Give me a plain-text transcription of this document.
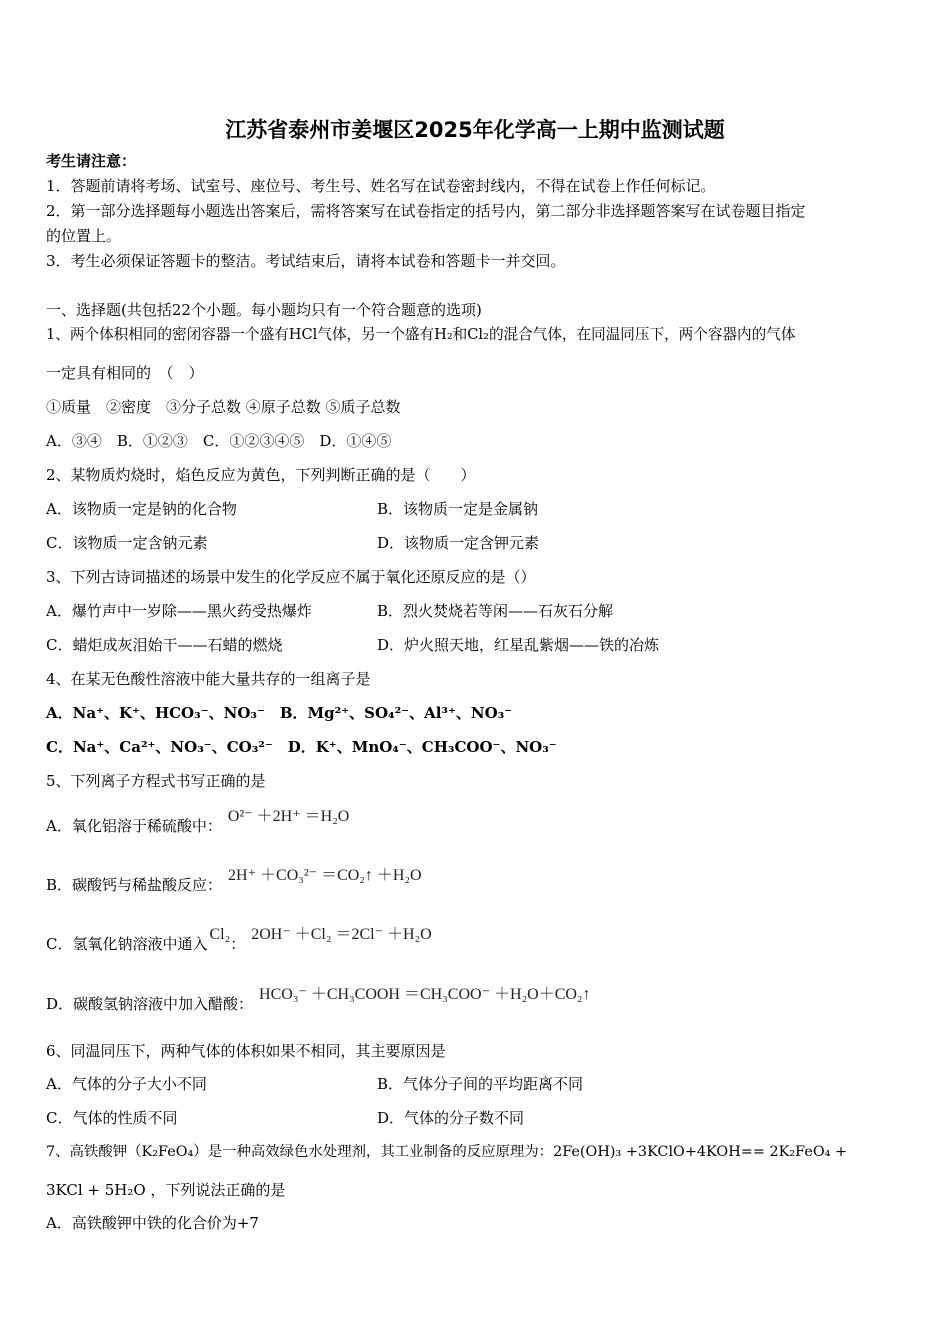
江苏省泰州市姜堰区2025年化学高一上期中监测试题
考生请注意：
1．答题前请将考场、试室号、座位号、考生号、姓名写在试卷密封线内，不得在试卷上作任何标记。
2．第一部分选择题每小题选出答案后，需将答案写在试卷指定的括号内，第二部分非选择题答案写在试卷题目指定
的位置上。
3．考生必须保证答题卡的整洁。考试结束后，请将本试卷和答题卡一并交回。
一、选择题(共包括22个小题。每小题均只有一个符合题意的选项)
1、两个体积相同的密闭容器一个盛有HCl气体，另一个盛有H₂和Cl₂的混合气体，在同温同压下，两个容器内的气体
一定具有相同的　（　）
①质量　②密度　③分子总数 ④原子总数 ⑤质子总数
A．③④　B．①②③　C．①②③④⑤　D．①④⑤
2、某物质灼烧时，焰色反应为黄色，下列判断正确的是（　　）
A．该物质一定是钠的化合物	B．该物质一定是金属钠
C．该物质一定含钠元素	D．该物质一定含钾元素
3、下列古诗词描述的场景中发生的化学反应不属于氧化还原反应的是（）
A．爆竹声中一岁除——黑火药受热爆炸	B．烈火焚烧若等闲——石灰石分解
C．蜡炬成灰泪始干——石蜡的燃烧	D．炉火照天地，红星乱紫烟——铁的冶炼
4、在某无色酸性溶液中能大量共存的一组离子是
A．Na⁺、K⁺、HCO₃⁻、NO₃⁻　B．Mg²⁺、SO₄²⁻、Al³⁺、NO₃⁻
C．Na⁺、Ca²⁺、NO₃⁻、CO₃²⁻　D．K⁺、MnO₄⁻、CH₃COO⁻、NO₃⁻
5、下列离子方程式书写正确的是
A．氧化铝溶于稀硫酸中：O²⁻ ＋2H⁺ ＝H₂O
B．碳酸钙与稀盐酸反应：2H⁺ ＋CO₃²⁻ ＝CO₂↑ ＋H₂O
C．氢氧化钠溶液中通入Cl₂：2OH⁻ ＋Cl₂ ＝2Cl⁻ ＋H₂O
D．碳酸氢钠溶液中加入醋酸：HCO₃⁻ ＋CH₃COOH ＝CH₃COO⁻ ＋H₂O＋CO₂↑
6、同温同压下，两种气体的体积如果不相同，其主要原因是
A．气体的分子大小不同	B．气体分子间的平均距离不同
C．气体的性质不同	D．气体的分子数不同
7、高铁酸钾（K₂FeO₄）是一种高效绿色水处理剂，其工业制备的反应原理为：2Fe(OH)₃ +3KClO+4KOH== 2K₂FeO₄ +
3KCl + 5H₂O ，下列说法正确的是
A．高铁酸钾中铁的化合价为+7
